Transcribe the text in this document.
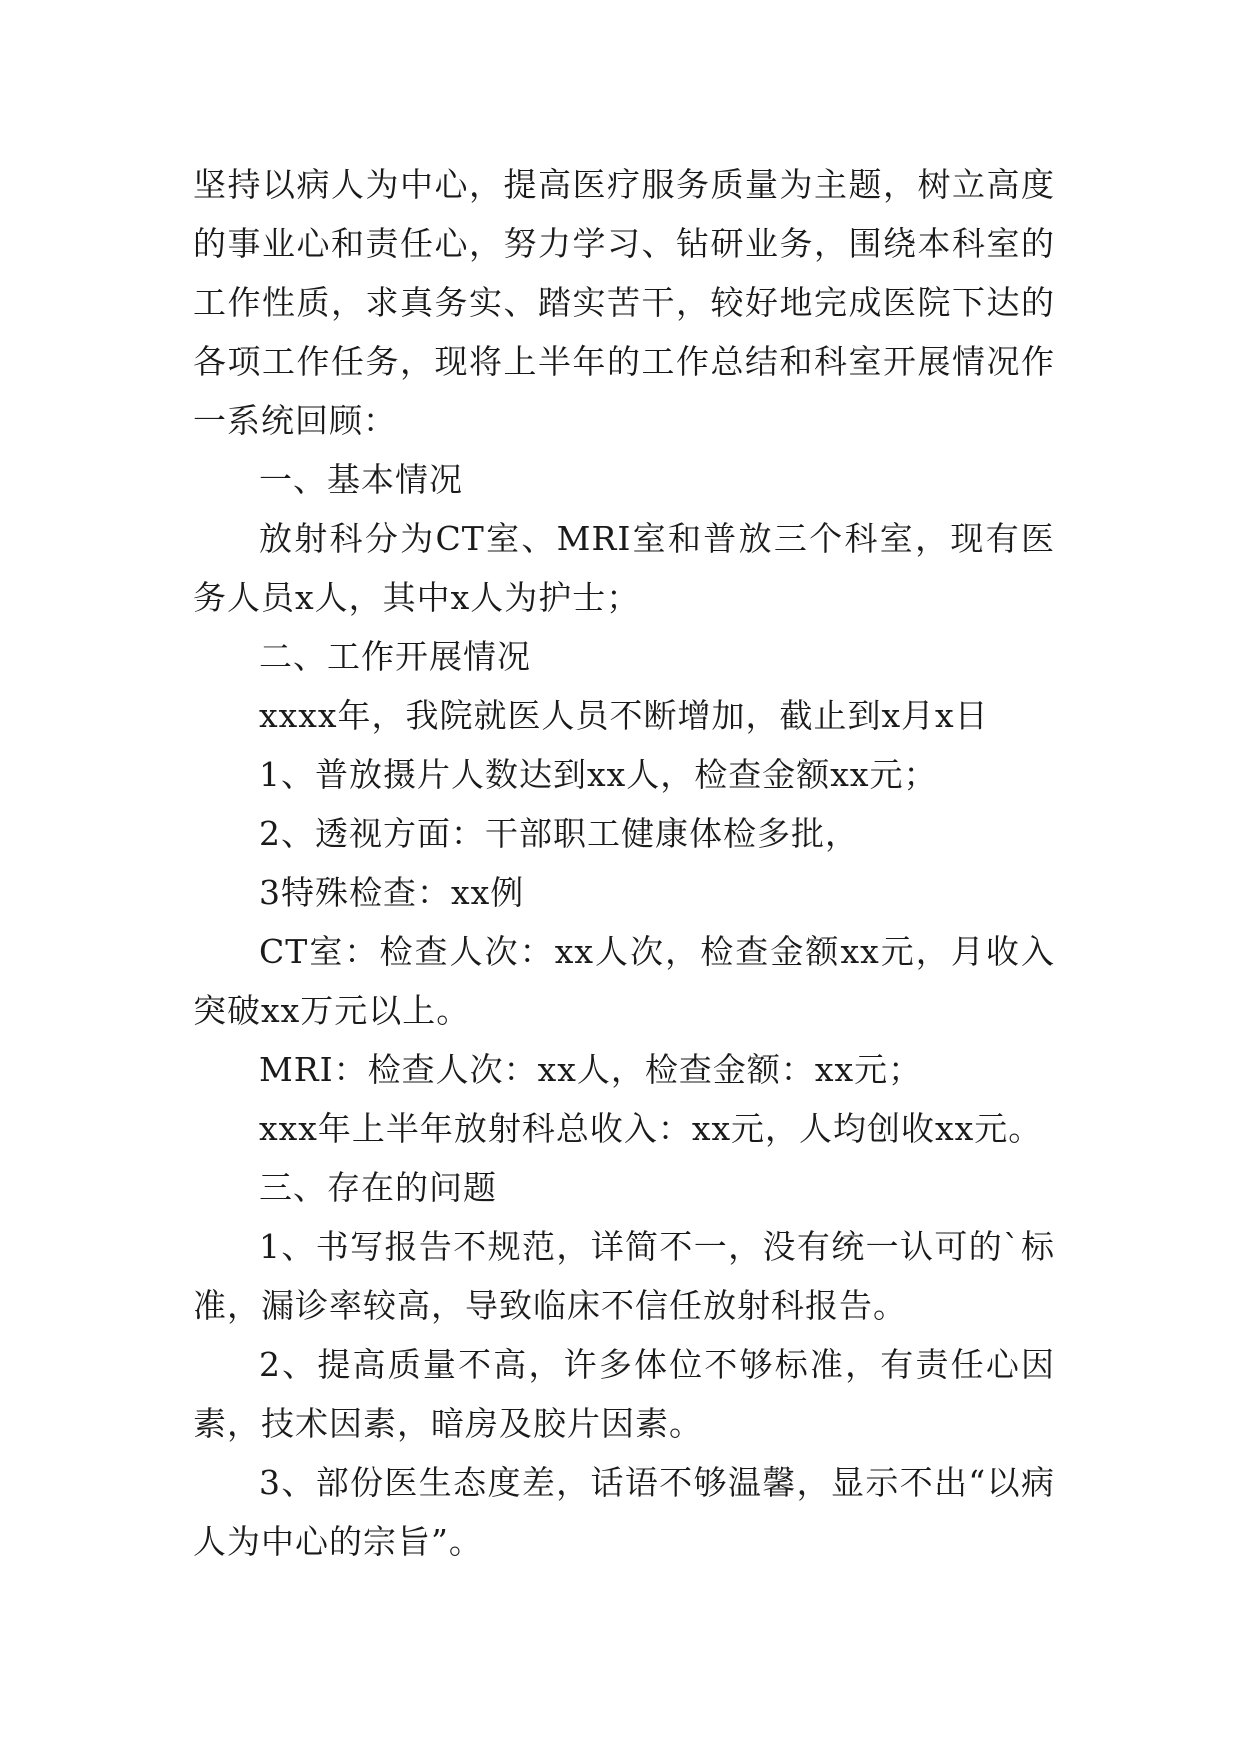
坚持以病人为中心，提高医疗服务质量为主题，树立高度的事业心和责任心，努力学习、钻研业务，围绕本科室的工作性质，求真务实、踏实苦干，较好地完成医院下达的各项工作任务，现将上半年的工作总结和科室开展情况作一系统回顾：

一、基本情况

放射科分为CT室、MRI室和普放三个科室，现有医务人员x人，其中x人为护士；

二、工作开展情况

xxxx年，我院就医人员不断增加，截止到x月x日

1、普放摄片人数达到xx人，检查金额xx元；

2、透视方面：干部职工健康体检多批，

3特殊检查：xx例

CT室：检查人次：xx人次，检查金额xx元，月收入突破xx万元以上。

MRI：检查人次：xx人，检查金额：xx元；

xxx年上半年放射科总收入：xx元，人均创收xx元。

三、存在的问题

1、书写报告不规范，详简不一，没有统一认可的`标准，漏诊率较高，导致临床不信任放射科报告。

2、提高质量不高，许多体位不够标准，有责任心因素，技术因素，暗房及胶片因素。

3、部份医生态度差，话语不够温馨，显示不出“以病人为中心的宗旨”。
